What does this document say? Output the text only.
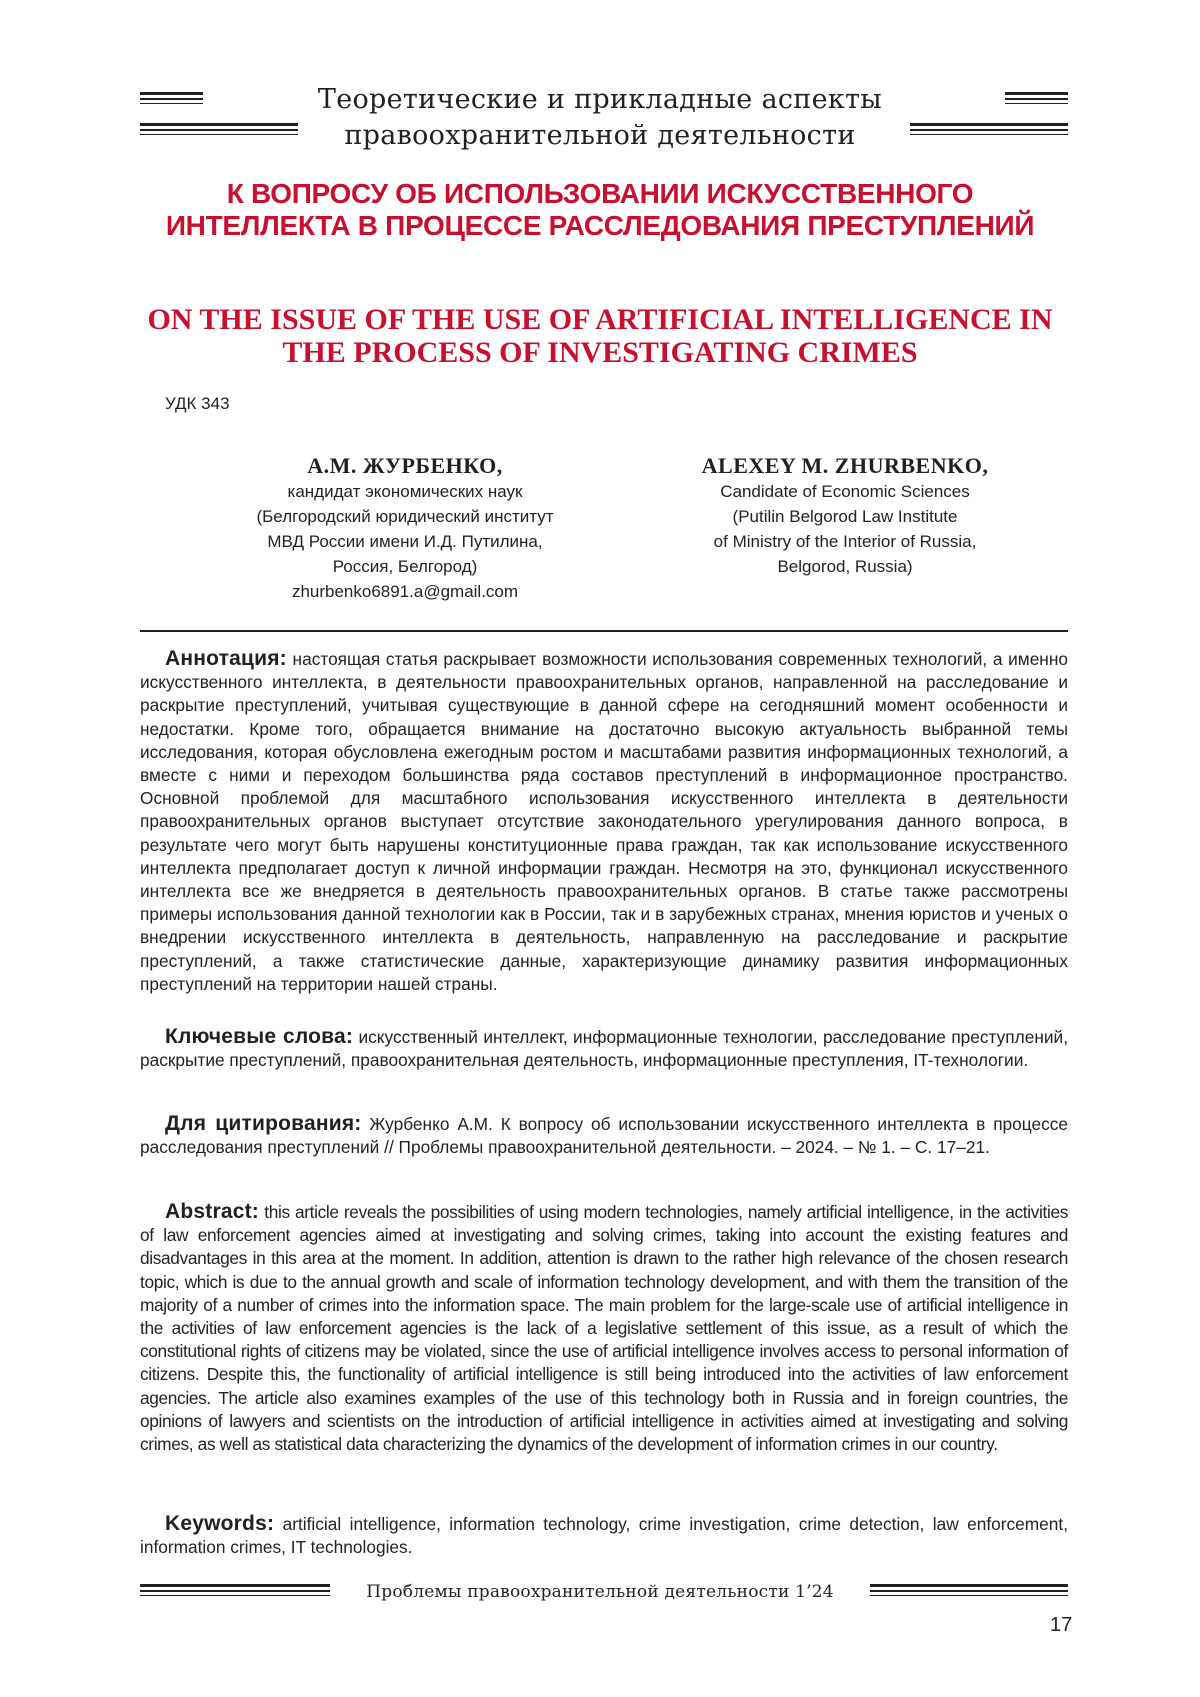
Теоретические и прикладные аспекты
правоохранительной деятельности
К ВОПРОСУ ОБ ИСПОЛЬЗОВАНИИ ИСКУССТВЕННОГО ИНТЕЛЛЕКТА В ПРОЦЕССЕ РАССЛЕДОВАНИЯ ПРЕСТУПЛЕНИЙ
ON THE ISSUE OF THE USE OF ARTIFICIAL INTELLIGENCE IN THE PROCESS OF INVESTIGATING CRIMES
УДК 343
А.М. ЖУРБЕНКО,
кандидат экономических наук
(Белгородский юридический институт
МВД России имени И.Д. Путилина,
Россия, Белгород)
zhurbenko6891.a@gmail.com
ALEXEY M. ZHURBENKO,
Candidate of Economic Sciences
(Putilin Belgorod Law Institute
of Ministry of the Interior of Russia,
Belgorod, Russia)
Аннотация: настоящая статья раскрывает возможности использования современных технологий, а именно искусственного интеллекта, в деятельности правоохранительных органов, направленной на расследование и раскрытие преступлений, учитывая существующие в данной сфере на сегодняшний момент особенности и недостатки. Кроме того, обращается внимание на достаточно высокую актуальность выбранной темы исследования, которая обусловлена ежегодным ростом и масштабами развития информационных технологий, а вместе с ними и переходом большинства ряда составов преступлений в информационное пространство. Основной проблемой для масштабного использования искусственного интеллекта в деятельности правоохранительных органов выступает отсутствие законодательного урегулирования данного вопроса, в результате чего могут быть нарушены конституционные права граждан, так как использование искусственного интеллекта предполагает доступ к личной информации граждан. Несмотря на это, функционал искусственного интеллекта все же внедряется в деятельность правоохранительных органов. В статье также рассмотрены примеры использования данной технологии как в России, так и в зарубежных странах, мнения юристов и ученых о внедрении искусственного интеллекта в деятельность, направленную на расследование и раскрытие преступлений, а также статистические данные, характеризующие динамику развития информационных преступлений на территории нашей страны.
Ключевые слова: искусственный интеллект, информационные технологии, расследование преступлений, раскрытие преступлений, правоохранительная деятельность, информационные преступления, IT-технологии.
Для цитирования: Журбенко А.М. К вопросу об использовании искусственного интеллекта в процессе расследования преступлений // Проблемы правоохранительной деятельности. – 2024. – № 1. – С. 17–21.
Abstract: this article reveals the possibilities of using modern technologies, namely artificial intelligence, in the activities of law enforcement agencies aimed at investigating and solving crimes, taking into account the existing features and disadvantages in this area at the moment. In addition, attention is drawn to the rather high relevance of the chosen research topic, which is due to the annual growth and scale of information technology development, and with them the transition of the majority of a number of crimes into the information space. The main problem for the large-scale use of artificial intelligence in the activities of law enforcement agencies is the lack of a legislative settlement of this issue, as a result of which the constitutional rights of citizens may be violated, since the use of artificial intelligence involves access to personal information of citizens. Despite this, the functionality of artificial intelligence is still being introduced into the activities of law enforcement agencies. The article also examines examples of the use of this technology both in Russia and in foreign countries, the opinions of lawyers and scientists on the introduction of artificial intelligence in activities aimed at investigating and solving crimes, as well as statistical data characterizing the dynamics of the development of information crimes in our country.
Keywords: artificial intelligence, information technology, crime investigation, crime detection, law enforcement, information crimes, IT technologies.
Проблемы правоохранительной деятельности 1’24
17
